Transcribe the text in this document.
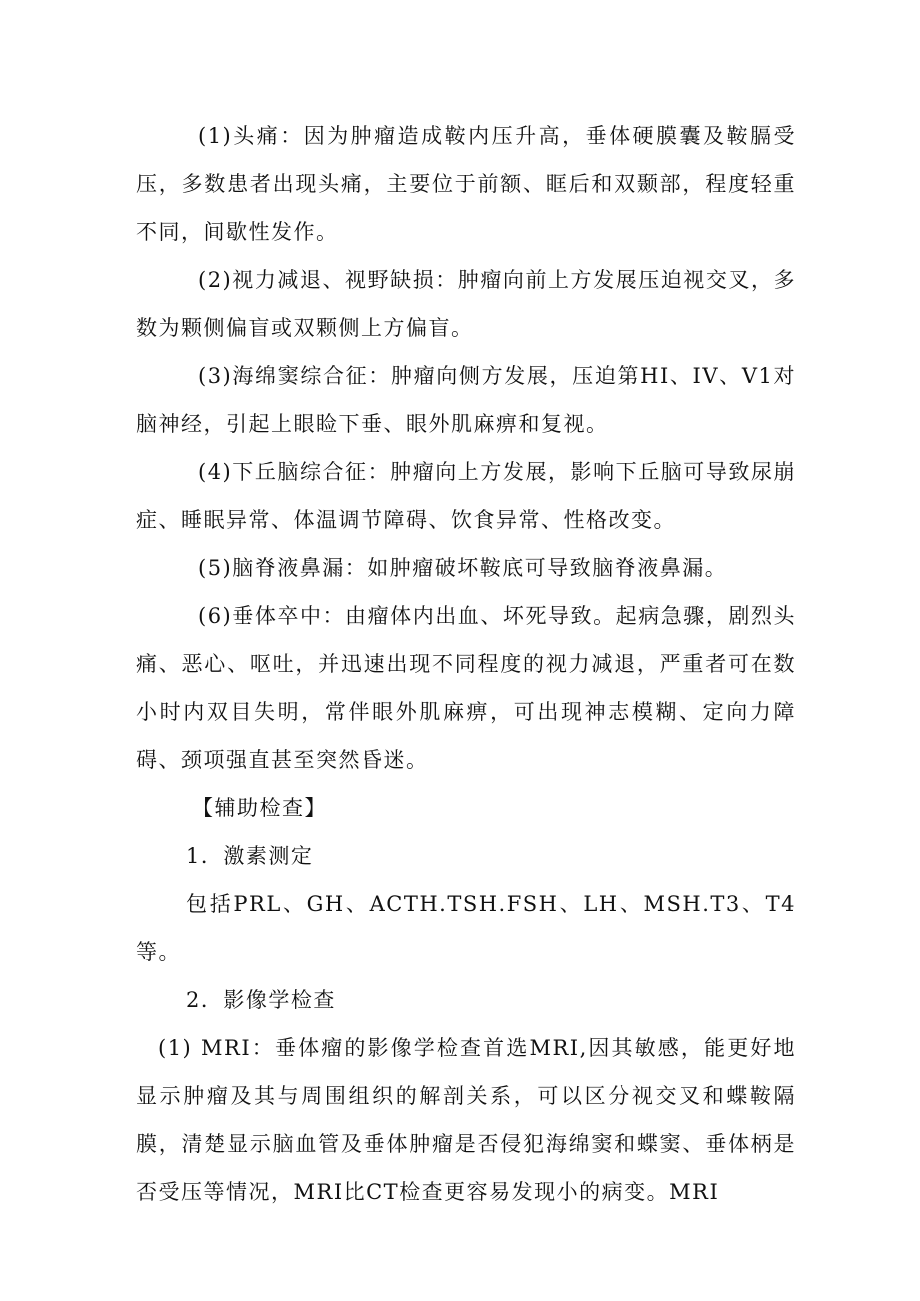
(1)头痛：因为肿瘤造成鞍内压升高，垂体硬膜囊及鞍膈受压，多数患者出现头痛，主要位于前额、眶后和双颞部，程度轻重不同，间歇性发作。

(2)视力减退、视野缺损：肿瘤向前上方发展压迫视交叉，多数为颗侧偏盲或双颗侧上方偏盲。

(3)海绵窦综合征：肿瘤向侧方发展，压迫第HI、IV、V1对脑神经，引起上眼睑下垂、眼外肌麻痹和复视。

(4)下丘脑综合征：肿瘤向上方发展，影响下丘脑可导致尿崩症、睡眠异常、体温调节障碍、饮食异常、性格改变。

(5)脑脊液鼻漏：如肿瘤破坏鞍底可导致脑脊液鼻漏。

(6)垂体卒中：由瘤体内出血、坏死导致。起病急骤，剧烈头痛、恶心、呕吐，并迅速出现不同程度的视力减退，严重者可在数小时内双目失明，常伴眼外肌麻痹，可出现神志模糊、定向力障碍、颈项强直甚至突然昏迷。

【辅助检查】

1．激素测定

包括PRL、GH、ACTH.TSH.FSH、LH、MSH.T3、T4等。

2．影像学检查

(1) MRI：垂体瘤的影像学检查首选MRI,因其敏感，能更好地显示肿瘤及其与周围组织的解剖关系，可以区分视交叉和蝶鞍隔膜，清楚显示脑血管及垂体肿瘤是否侵犯海绵窦和蝶窦、垂体柄是否受压等情况，MRI比CT检查更容易发现小的病变。MRI
